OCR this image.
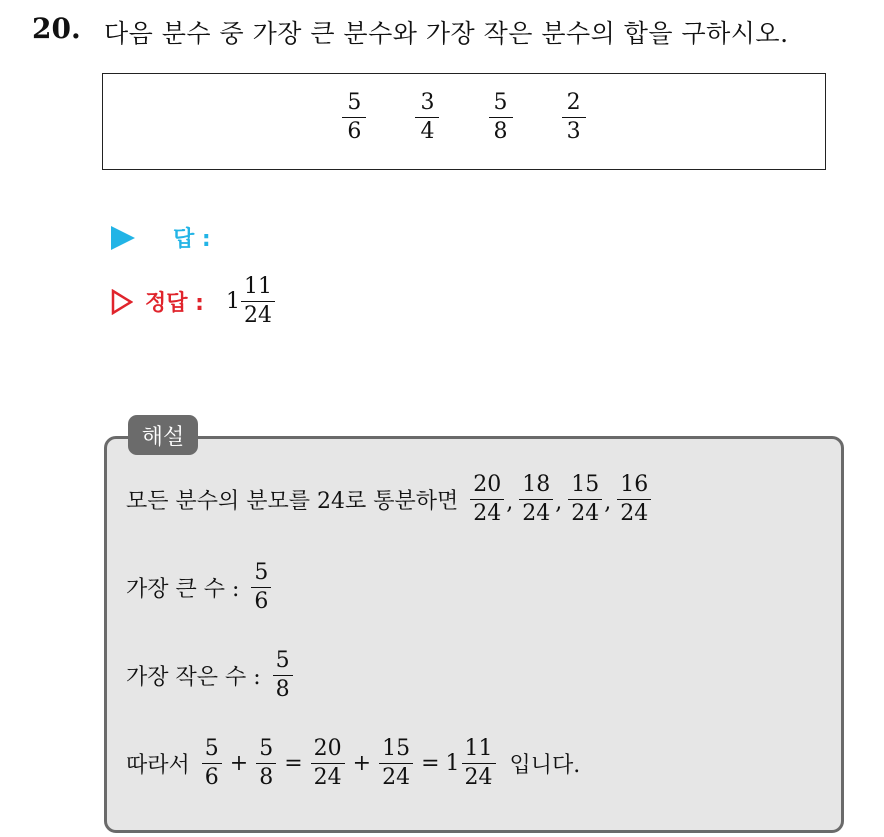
20. 다음 분수 중 가장 큰 분수와 가장 작은 분수의 합을 구하시오.
$\frac{5}{6}$
$\frac{3}{4}$
$\frac{5}{8}$
$\frac{2}{3}$
답 :
정답 : $1 \frac{11}{24}$
해설
모든 분수의 분모를 24로 통분하면 $\frac{20}{24}$ , $\frac{18}{24}$ , $\frac{15}{24}$ , $\frac{16}{24}$
가장 큰 수 : $\frac{5}{6}$
가장 작은 수 : $\frac{5}{8}$
따라서 $\frac{5}{6} + \frac{5}{8} = \frac{20}{24} + \frac{15}{24} = 1 \frac{11}{24}$ 입니다.
